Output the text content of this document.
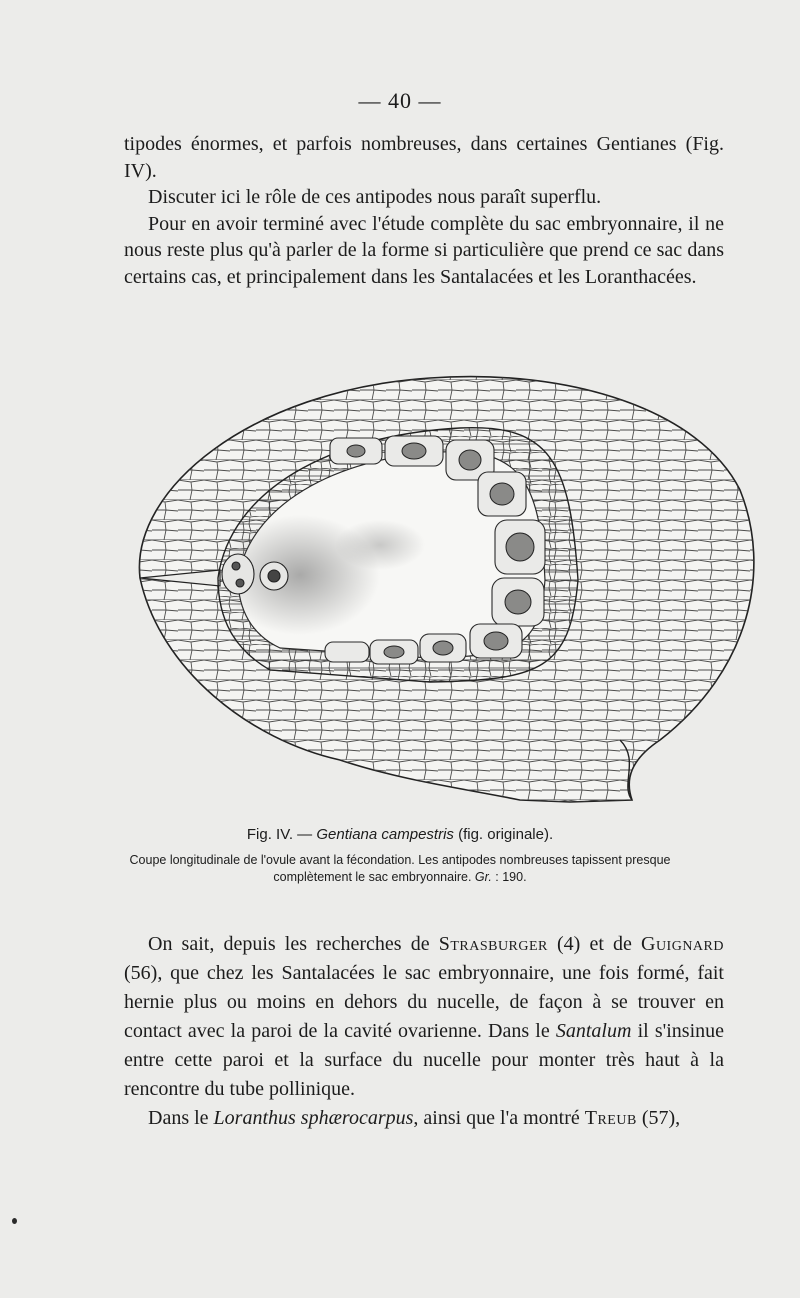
— 40 —

tipodes énormes, et parfois nombreuses, dans certaines Gentianes (Fig. IV).

Discuter ici le rôle de ces antipodes nous paraît superflu.

Pour en avoir terminé avec l'étude complète du sac embryonnaire, il ne nous reste plus qu'à parler de la forme si particulière que prend ce sac dans certains cas, et principalement dans les Santalacées et les Loranthacées.

Fig. IV. — Gentiana campestris (fig. originale).
Coupe longitudinale de l'ovule avant la fécondation. Les antipodes nombreuses tapissent presque complètement le sac embryonnaire. Gr. : 190.

On sait, depuis les recherches de Strasburger (4) et de Guignard (56), que chez les Santalacées le sac embryonnaire, une fois formé, fait hernie plus ou moins en dehors du nucelle, de façon à se trouver en contact avec la paroi de la cavité ovarienne. Dans le Santalum il s'insinue entre cette paroi et la surface du nucelle pour monter très haut à la rencontre du tube pollinique.

Dans le Loranthus sphærocarpus, ainsi que l'a montré Treub (57),
